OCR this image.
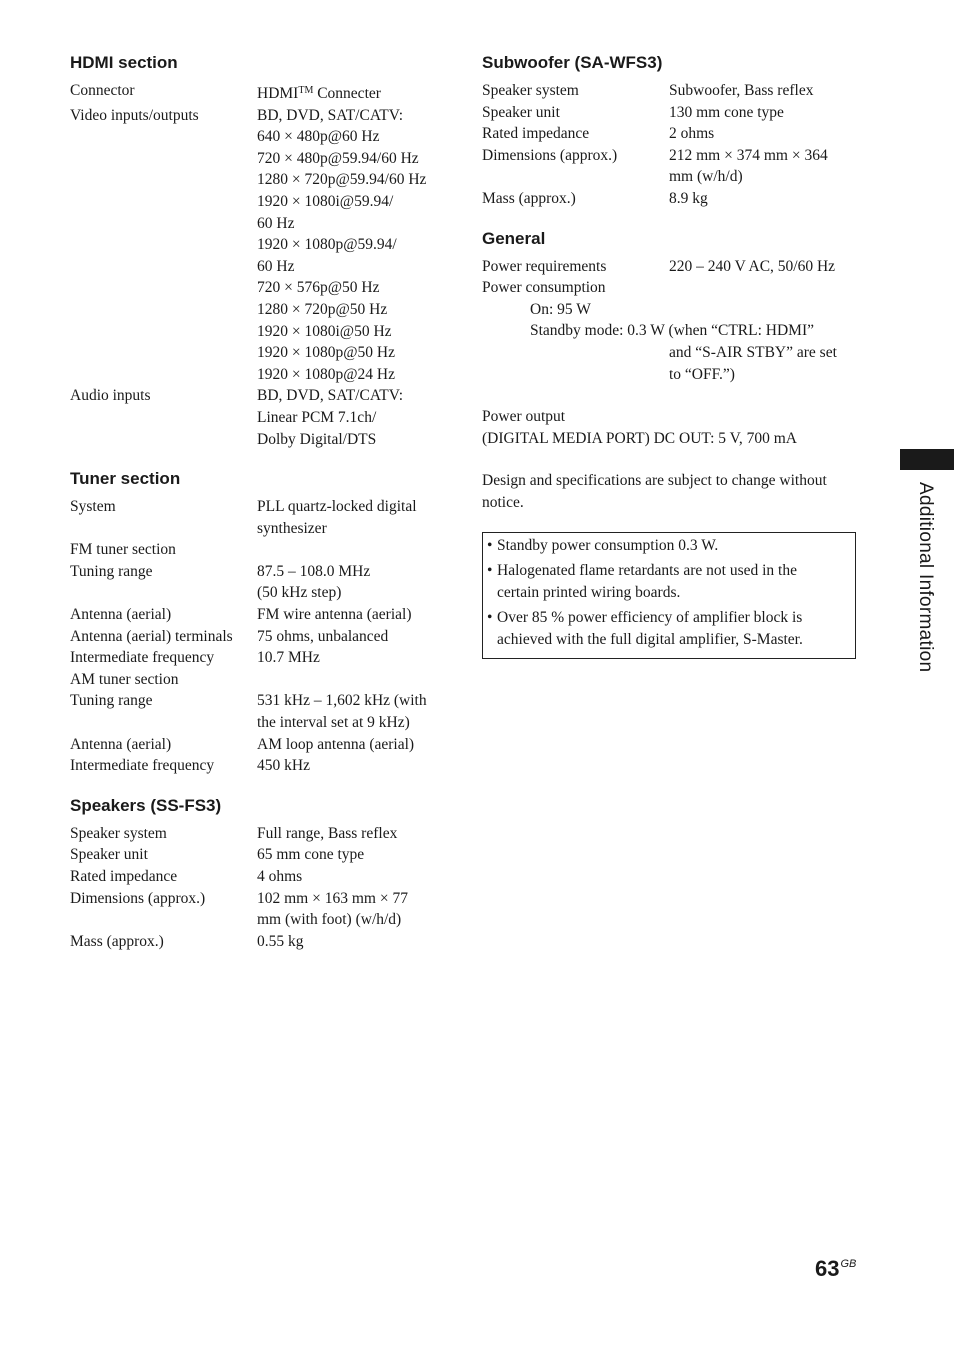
HDMI section
Connector	HDMI™ Connecter
Video inputs/outputs	BD, DVD, SAT/CATV:
640 × 480p@60 Hz
720 × 480p@59.94/60 Hz
1280 × 720p@59.94/60 Hz
1920 × 1080i@59.94/
60 Hz
1920 × 1080p@59.94/
60 Hz
720 × 576p@50 Hz
1280 × 720p@50 Hz
1920 × 1080i@50 Hz
1920 × 1080p@50 Hz
1920 × 1080p@24 Hz
Audio inputs	BD, DVD, SAT/CATV:
Linear PCM 7.1ch/
Dolby Digital/DTS
Tuner section
System	PLL quartz-locked digital
synthesizer
FM tuner section
Tuning range	87.5 – 108.0 MHz
(50 kHz step)
Antenna (aerial)	FM wire antenna (aerial)
Antenna (aerial) terminals	75 ohms, unbalanced
Intermediate frequency	10.7 MHz
AM tuner section
Tuning range	531 kHz – 1,602 kHz (with
the interval set at 9 kHz)
Antenna (aerial)	AM loop antenna (aerial)
Intermediate frequency	450 kHz
Speakers (SS-FS3)
Speaker system	Full range, Bass reflex
Speaker unit	65 mm cone type
Rated impedance	4 ohms
Dimensions (approx.)	102 mm × 163 mm × 77
mm (with foot) (w/h/d)
Mass (approx.)	0.55 kg
Subwoofer (SA-WFS3)
Speaker system	Subwoofer, Bass reflex
Speaker unit	130 mm cone type
Rated impedance	2 ohms
Dimensions (approx.)	212 mm × 374 mm × 364
mm (w/h/d)
Mass (approx.)	8.9 kg
General
Power requirements	220 – 240 V AC, 50/60 Hz
Power consumption
On: 95 W
Standby mode: 0.3 W (when “CTRL: HDMI”
and “S-AIR STBY” are set
to “OFF.”)
Power output
(DIGITAL MEDIA PORT) DC OUT: 5 V, 700 mA
Design and specifications are subject to change without
notice.
• Standby power consumption 0.3 W.
• Halogenated flame retardants are not used in the
certain printed wiring boards.
• Over 85 % power efficiency of amplifier block is
achieved with the full digital amplifier, S-Master.	Additional Information
$63^{GB}$
